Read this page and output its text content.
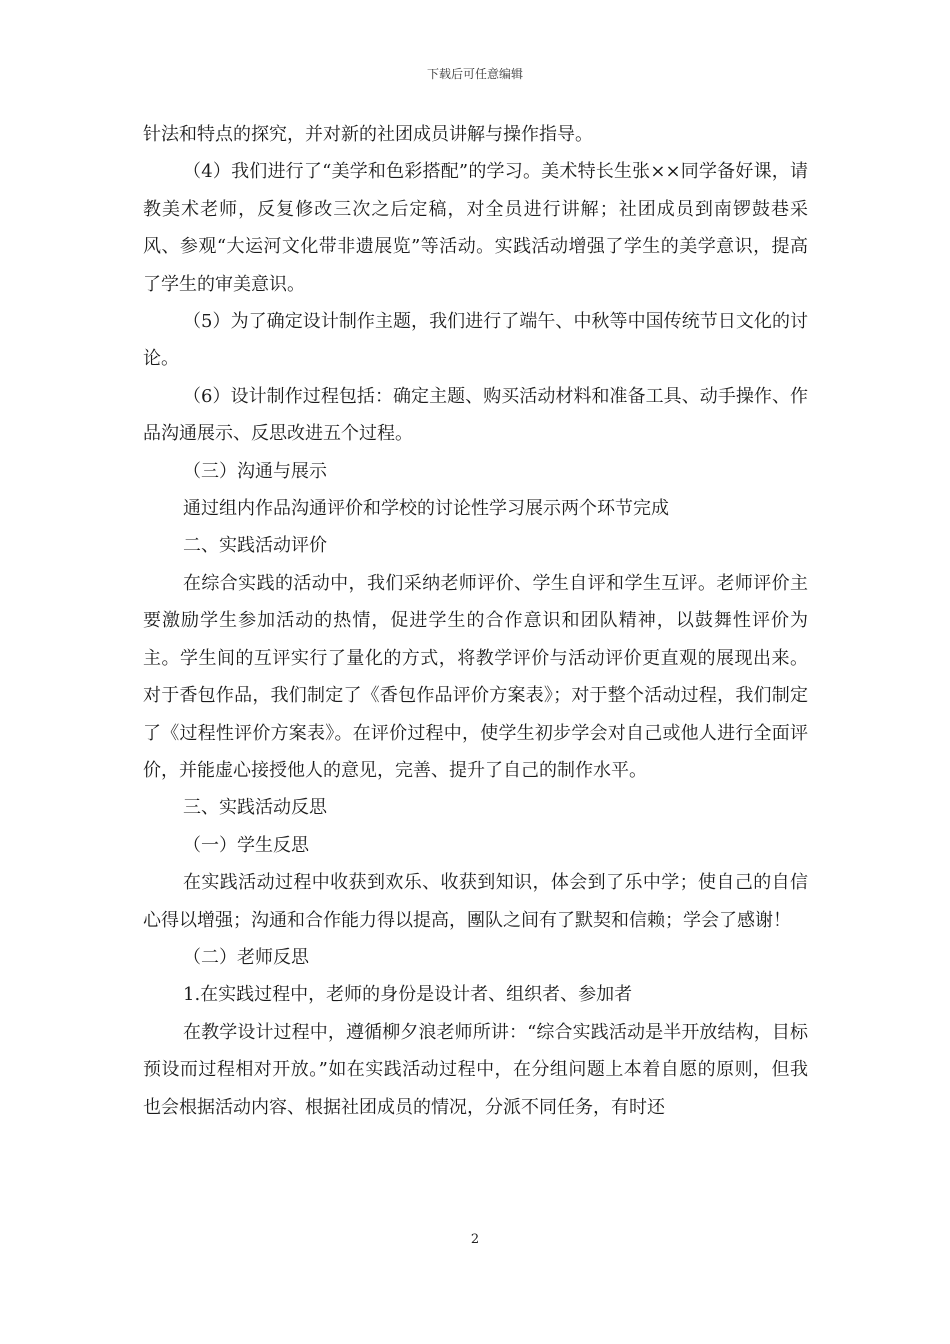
下载后可任意编辑

针法和特点的探究，并对新的社团成员讲解与操作指导。

（4）我们进行了“美学和色彩搭配”的学习。美术特长生张××同学备好课，请教美术老师，反复修改三次之后定稿，对全员进行讲解；社团成员到南锣鼓巷采风、参观“大运河文化带非遗展览”等活动。实践活动增强了学生的美学意识，提高了学生的审美意识。

（5）为了确定设计制作主题，我们进行了端午、中秋等中国传统节日文化的讨论。

（6）设计制作过程包括：确定主题、购买活动材料和准备工具、动手操作、作品沟通展示、反思改进五个过程。

（三）沟通与展示

通过组内作品沟通评价和学校的讨论性学习展示两个环节完成

二、实践活动评价

在综合实践的活动中，我们采纳老师评价、学生自评和学生互评。老师评价主要激励学生参加活动的热情，促进学生的合作意识和团队精神，以鼓舞性评价为主。学生间的互评实行了量化的方式，将教学评价与活动评价更直观的展现出来。对于香包作品，我们制定了《香包作品评价方案表》；对于整个活动过程，我们制定了《过程性评价方案表》。在评价过程中，使学生初步学会对自己或他人进行全面评价，并能虚心接授他人的意见，完善、提升了自己的制作水平。

三、实践活动反思

（一）学生反思

在实践活动过程中收获到欢乐、收获到知识，体会到了乐中学；使自己的自信心得以增强；沟通和合作能力得以提高，團队之间有了默契和信赖；学会了感谢！

（二）老师反思

1.在实践过程中，老师的身份是设计者、组织者、参加者

在教学设计过程中，遵循柳夕浪老师所讲：“综合实践活动是半开放结构，目标预设而过程相对开放。”如在实践活动过程中，在分组问题上本着自愿的原则，但我也会根据活动内容、根据社团成员的情况，分派不同任务，有时还

2
